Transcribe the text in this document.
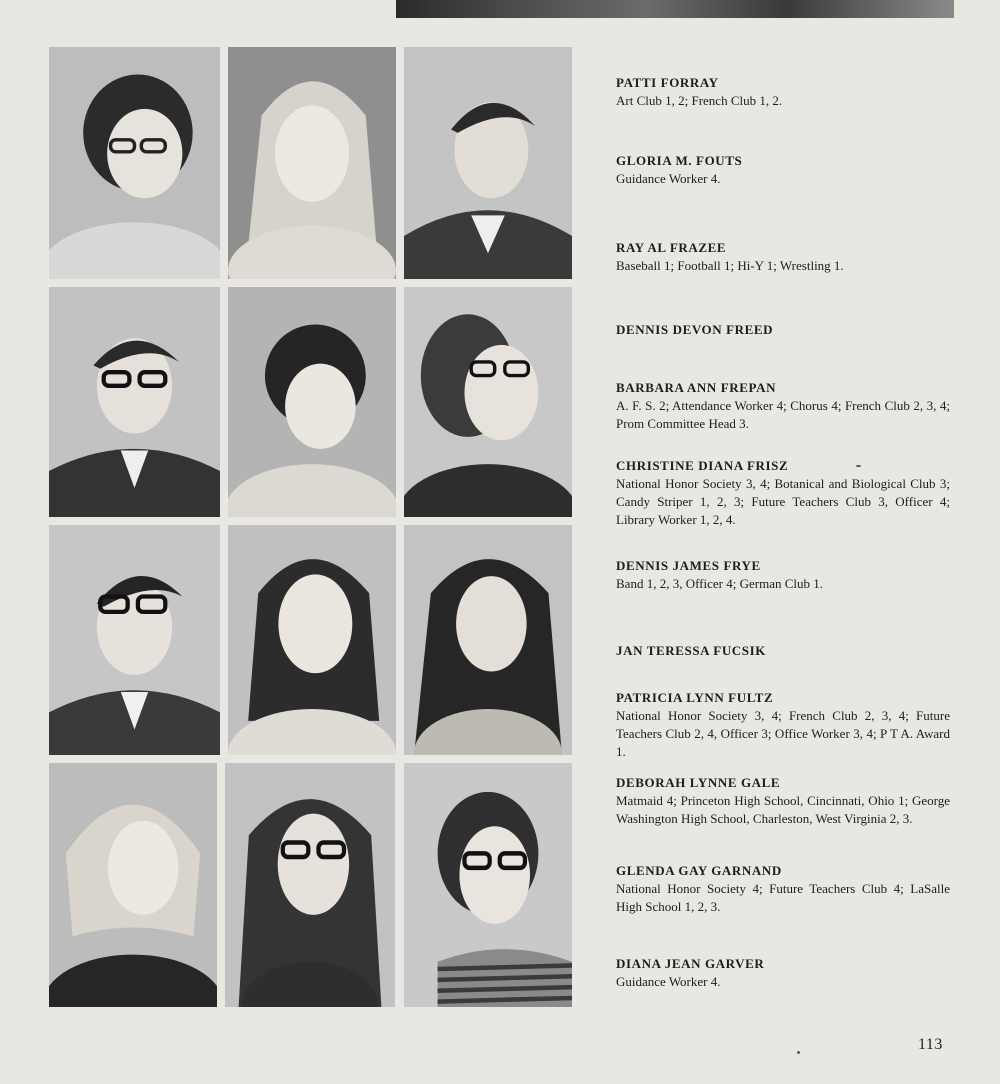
PATTI FORRAY
Art Club 1, 2; French Club 1, 2.
GLORIA M. FOUTS
Guidance Worker 4.
RAY AL FRAZEE
Baseball 1; Football 1; Hi-Y 1; Wrestling 1.
DENNIS DEVON FREED
BARBARA ANN FREPAN
A. F. S. 2; Attendance Worker 4; Chorus 4; French Club 2, 3, 4; Prom Committee Head 3.
CHRISTINE DIANA FRISZ
National Honor Society 3, 4; Botanical and Biological Club 3; Candy Striper 1, 2, 3; Future Teachers Club 3, Officer 4; Library Worker 1, 2, 4.
DENNIS JAMES FRYE
Band 1, 2, 3, Officer 4; German Club 1.
JAN TERESSA FUCSIK
PATRICIA LYNN FULTZ
National Honor Society 3, 4; French Club 2, 3, 4; Future Teachers Club 2, 4, Officer 3; Office Worker 3, 4; P T A. Award 1.
DEBORAH LYNNE GALE
Matmaid 4; Princeton High School, Cincinnati, Ohio 1; George Washington High School, Charleston, West Virginia 2, 3.
GLENDA GAY GARNAND
National Honor Society 4; Future Teachers Club 4; LaSalle High School 1, 2, 3.
DIANA JEAN GARVER
Guidance Worker 4.
113
